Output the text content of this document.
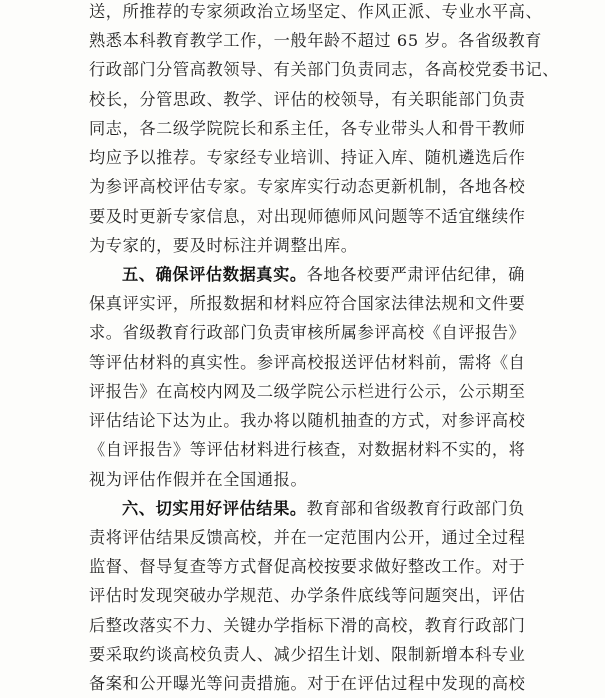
送，所推荐的专家须政治立场坚定、作风正派、专业水平高、
熟悉本科教育教学工作，一般年龄不超过 65 岁。各省级教育
行政部门分管高教领导、有关部门负责同志，各高校党委书记、
校长，分管思政、教学、评估的校领导，有关职能部门负责
同志，各二级学院院长和系主任，各专业带头人和骨干教师
均应予以推荐。专家经专业培训、持证入库、随机遴选后作
为参评高校评估专家。专家库实行动态更新机制，各地各校
要及时更新专家信息，对出现师德师风问题等不适宜继续作
为专家的，要及时标注并调整出库。
五、确保评估数据真实。各地各校要严肃评估纪律，确
保真评实评，所报数据和材料应符合国家法律法规和文件要
求。省级教育行政部门负责审核所属参评高校《自评报告》
等评估材料的真实性。参评高校报送评估材料前，需将《自
评报告》在高校内网及二级学院公示栏进行公示，公示期至
评估结论下达为止。我办将以随机抽查的方式，对参评高校
《自评报告》等评估材料进行核查，对数据材料不实的，将
视为评估作假并在全国通报。
六、切实用好评估结果。教育部和省级教育行政部门负
责将评估结果反馈高校，并在一定范围内公开，通过全过程
监督、督导复查等方式督促高校按要求做好整改工作。对于
评估时发现突破办学规范、办学条件底线等问题突出，评估
后整改落实不力、关键办学指标下滑的高校，教育行政部门
要采取约谈高校负责人、减少招生计划、限制新增本科专业
备案和公开曝光等问责措施。对于在评估过程中发现的高校
